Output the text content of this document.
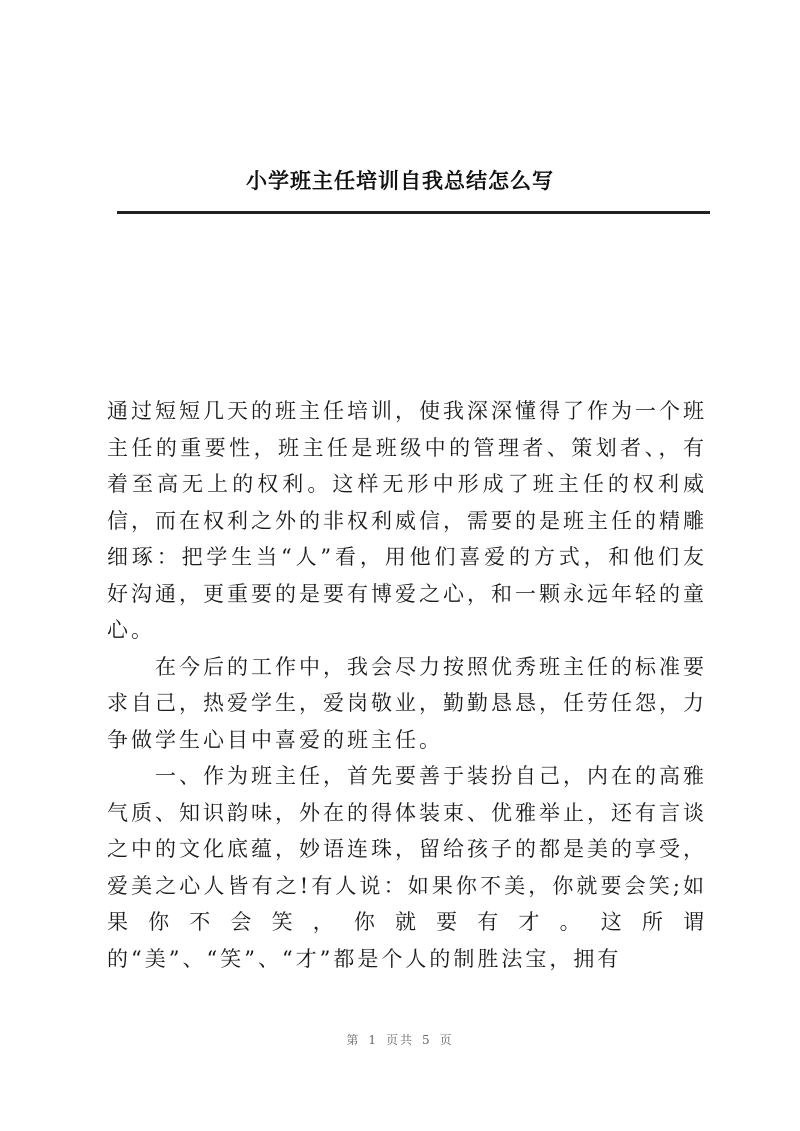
小学班主任培训自我总结怎么写

通过短短几天的班主任培训，使我深深懂得了作为一个班主任的重要性，班主任是班级中的管理者、策划者、，有着至高无上的权利。这样无形中形成了班主任的权利威信，而在权利之外的非权利威信，需要的是班主任的精雕细琢：把学生当“人”看，用他们喜爱的方式，和他们友好沟通，更重要的是要有博爱之心，和一颗永远年轻的童心。

在今后的工作中，我会尽力按照优秀班主任的标准要求自己，热爱学生，爱岗敬业，勤勤恳恳，任劳任怨，力争做学生心目中喜爱的班主任。

一、作为班主任，首先要善于装扮自己，内在的高雅气质、知识韵味，外在的得体装束、优雅举止，还有言谈之中的文化底蕴，妙语连珠，留给孩子的都是美的享受，爱美之心人皆有之!有人说：如果你不美，你就要会笑;如果你不会笑，你就要有才。这所谓的“美”、“笑”、“才”都是个人的制胜法宝，拥有

第 1 页共 5 页
